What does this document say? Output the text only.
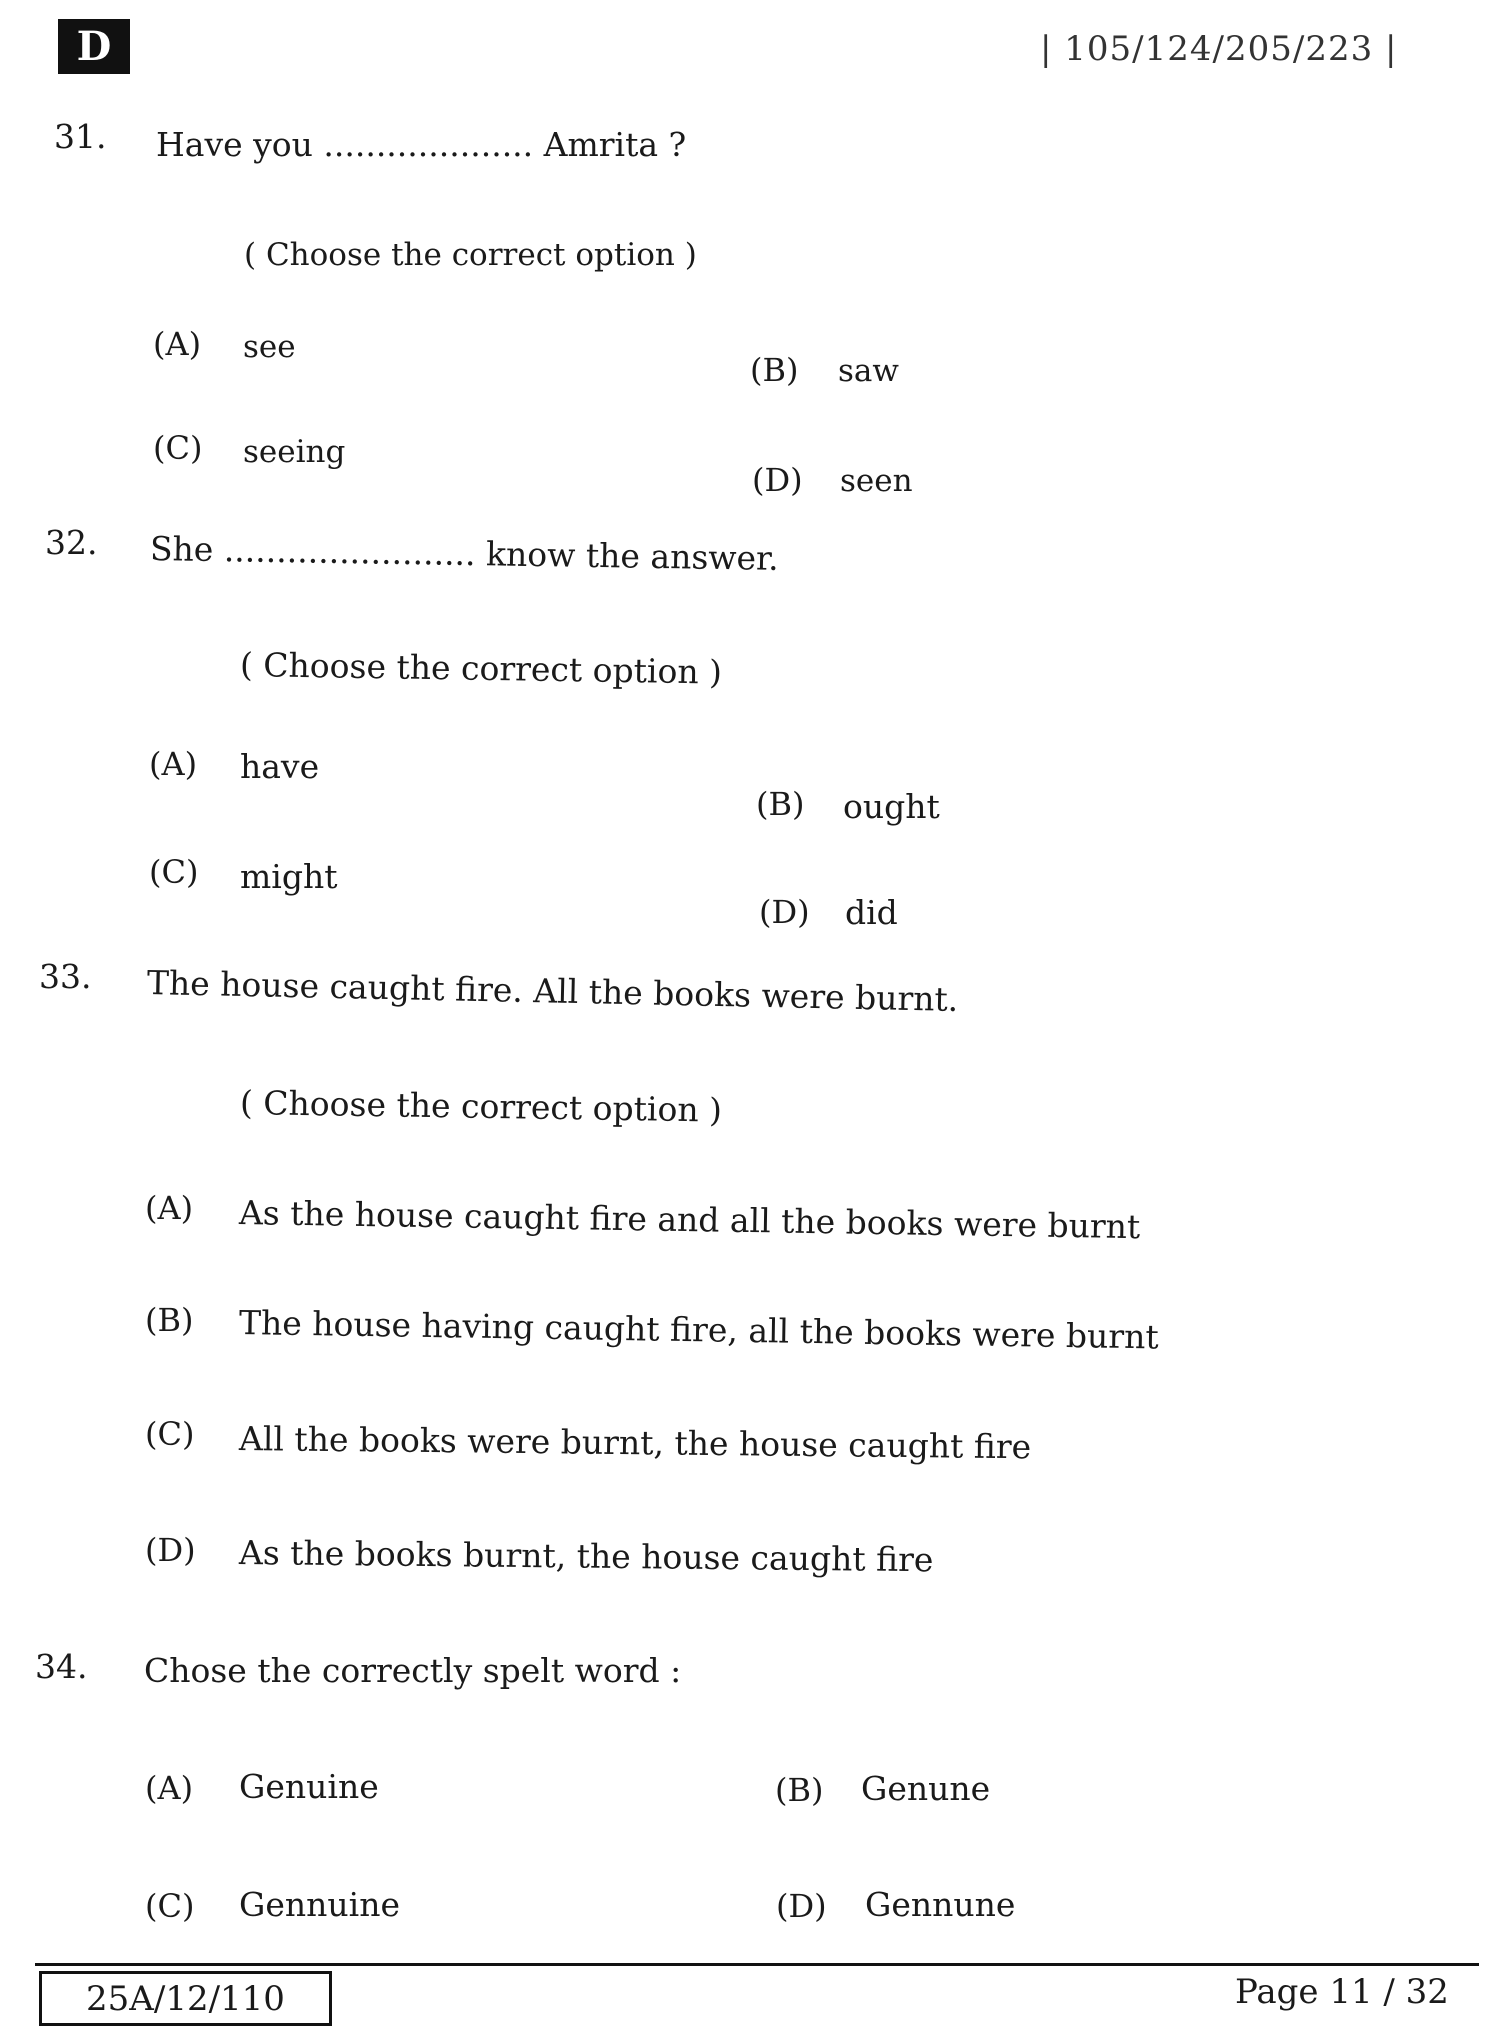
D	| 105/124/205/223 |
31. Have you .................... Amrita ?
( Choose the correct option )
(A) see
(B) saw
(C) seeing
(D) seen
32. She ........................ know the answer.
( Choose the correct option )
(A) have
(B) ought
(C) might
(D) did
33. The house caught fire. All the books were burnt.
( Choose the correct option )
(A) As the house caught fire and all the books were burnt
(B) The house having caught fire, all the books were burnt
(C) All the books were burnt, the house caught fire
(D) As the books burnt, the house caught fire
34. Chose the correctly spelt word :
(A) Genuine	(B) Genune
(C) Gennuine	(D) Gennune
25A/12/110	Page 11 / 32
